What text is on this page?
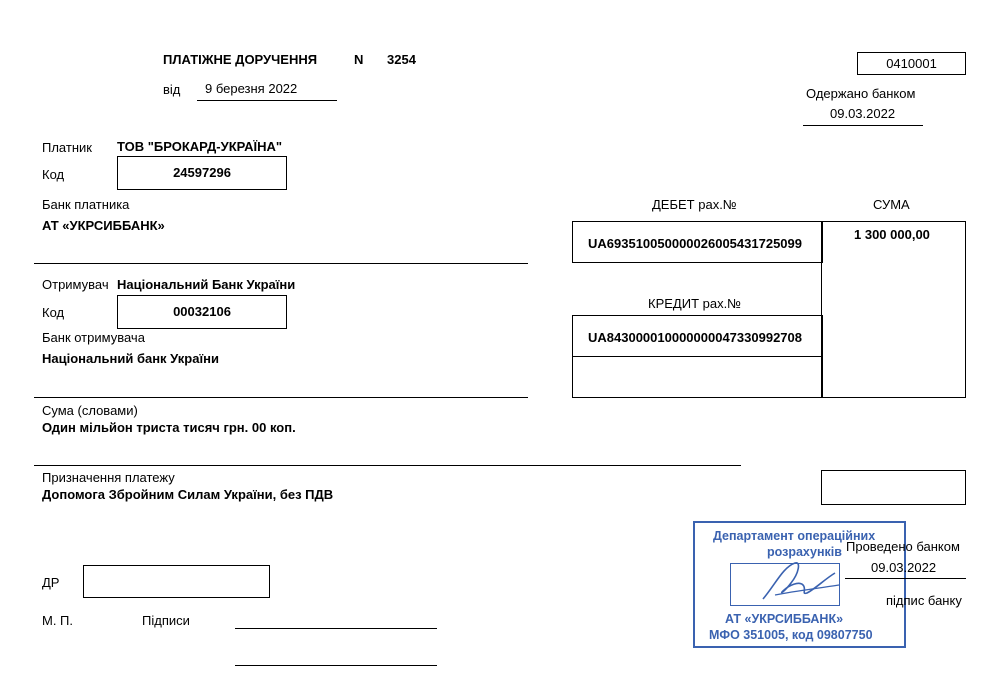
ПЛАТІЖНЕ ДОРУЧЕННЯ	N 3254
від 9 березня 2022
0410001
Одержано банком
09.03.2022
Платник ТОВ "БРОКАРД-УКРАЇНА"
Код	24597296
Банк платника
АТ «УКРСИББАНК»
ДЕБЕТ рах.№	СУМА
UA693510050000026005431725099
1 300 000,00
КРЕДИТ рах.№
UA843000010000000047330992708
Отримувач Національний Банк України
Код	00032106
Банк отримувача
Національний банк України
Сума (словами)
Один мільйон триста тисяч грн. 00 коп.
Призначення платежу
Допомога Збройним Силам України, без ПДВ
ДР
М. П.	Підписи
Департамент операційних
розрахунків
АТ «УКРСИББАНК»
МФО 351005, код 09807750
Проведено банком
09.03.2022
підпис банку
